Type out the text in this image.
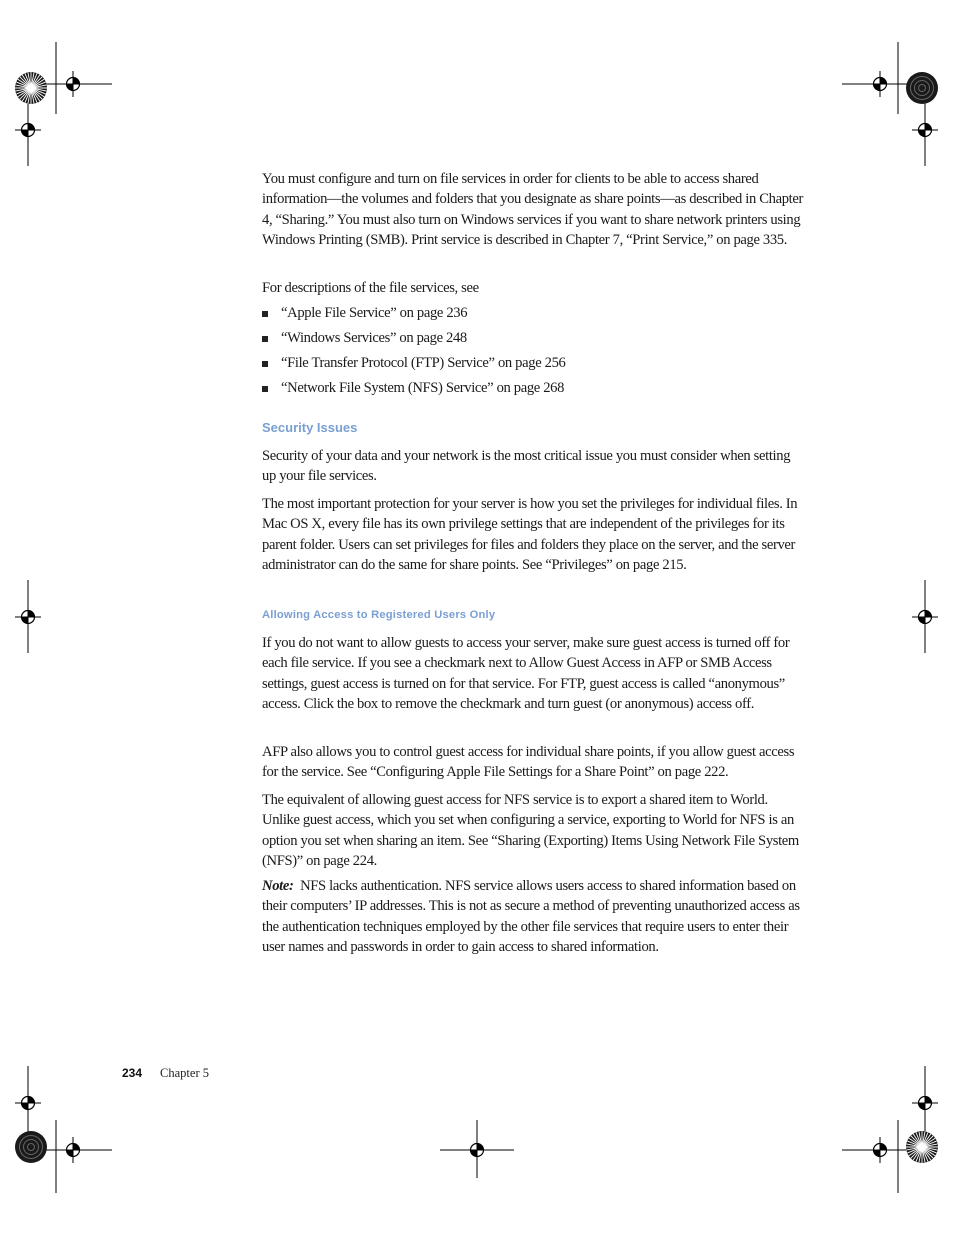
You must configure and turn on file services in order for clients to be able to access shared information—the volumes and folders that you designate as share points—as described in Chapter 4, “Sharing.” You must also turn on Windows services if you want to share network printers using Windows Printing (SMB). Print service is described in Chapter 7, “Print Service,” on page 335.

For descriptions of the file services, see

“Apple File Service” on page 236
“Windows Services” on page 248
“File Transfer Protocol (FTP) Service” on page 256
“Network File System (NFS) Service” on page 268
Security Issues

Security of your data and your network is the most critical issue you must consider when setting up your file services.

The most important protection for your server is how you set the privileges for individual files. In Mac OS X, every file has its own privilege settings that are independent of the privileges for its parent folder. Users can set privileges for files and folders they place on the server, and the server administrator can do the same for share points. See “Privileges” on page 215.

Allowing Access to Registered Users Only

If you do not want to allow guests to access your server, make sure guest access is turned off for each file service. If you see a checkmark next to Allow Guest Access in AFP or SMB Access settings, guest access is turned on for that service. For FTP, guest access is called “anonymous” access. Click the box to remove the checkmark and turn guest (or anonymous) access off.

AFP also allows you to control guest access for individual share points, if you allow guest access for the service. See “Configuring Apple File Settings for a Share Point” on page 222.

The equivalent of allowing guest access for NFS service is to export a shared item to World. Unlike guest access, which you set when configuring a service, exporting to World for NFS is an option you set when sharing an item. See “Sharing (Exporting) Items Using Network File System (NFS)” on page 224.

Note: NFS lacks authentication. NFS service allows users access to shared information based on their computers’ IP addresses. This is not as secure a method of preventing unauthorized access as the authentication techniques employed by the other file services that require users to enter their user names and passwords in order to gain access to shared information.

234 Chapter 5
